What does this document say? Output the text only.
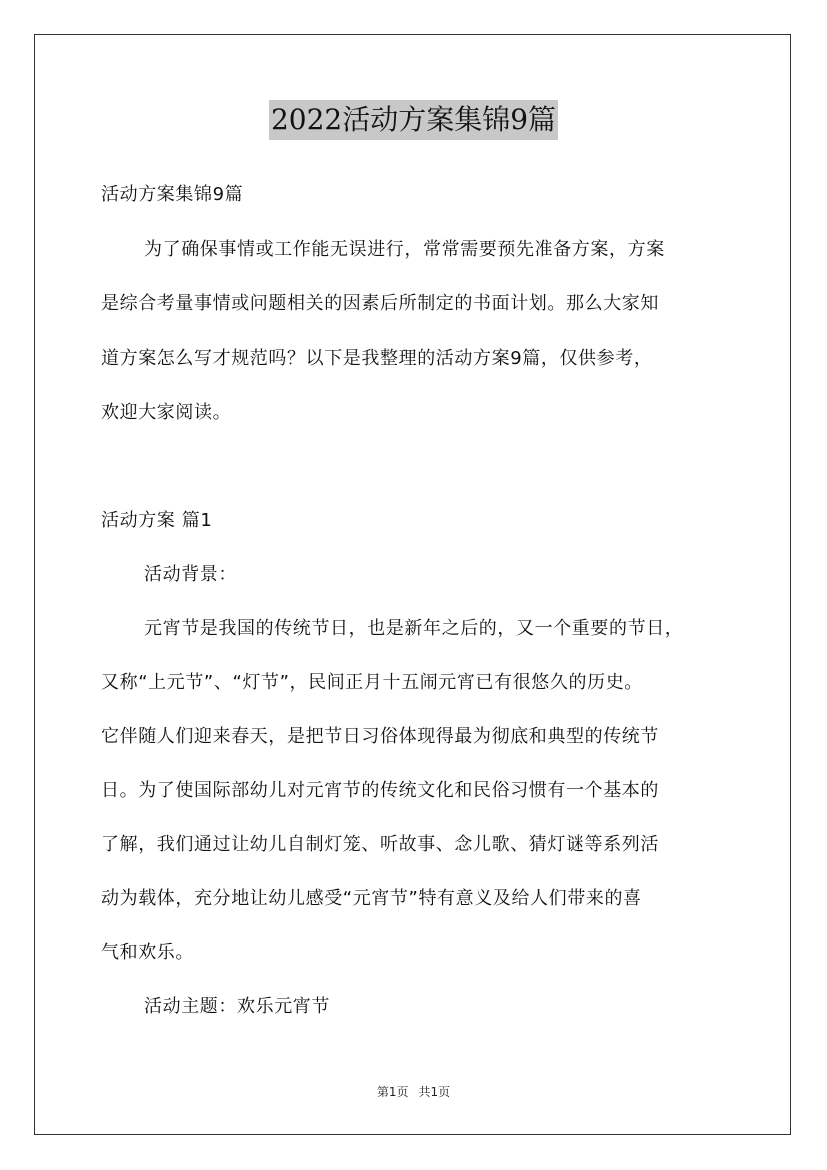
2022活动方案集锦9篇
活动方案集锦9篇
为了确保事情或工作能无误进行，常常需要预先准备方案，方案
是综合考量事情或问题相关的因素后所制定的书面计划。那么大家知
道方案怎么写才规范吗？以下是我整理的活动方案9篇，仅供参考，
欢迎大家阅读。
活动方案 篇1
活动背景：
元宵节是我国的传统节日，也是新年之后的，又一个重要的节日，
又称“上元节”、“灯节”，民间正月十五闹元宵已有很悠久的历史。
它伴随人们迎来春天，是把节日习俗体现得最为彻底和典型的传统节
日。为了使国际部幼儿对元宵节的传统文化和民俗习惯有一个基本的
了解，我们通过让幼儿自制灯笼、听故事、念儿歌、猜灯谜等系列活
动为载体，充分地让幼儿感受“元宵节”特有意义及给人们带来的喜
气和欢乐。
活动主题：欢乐元宵节
第1页 共1页
